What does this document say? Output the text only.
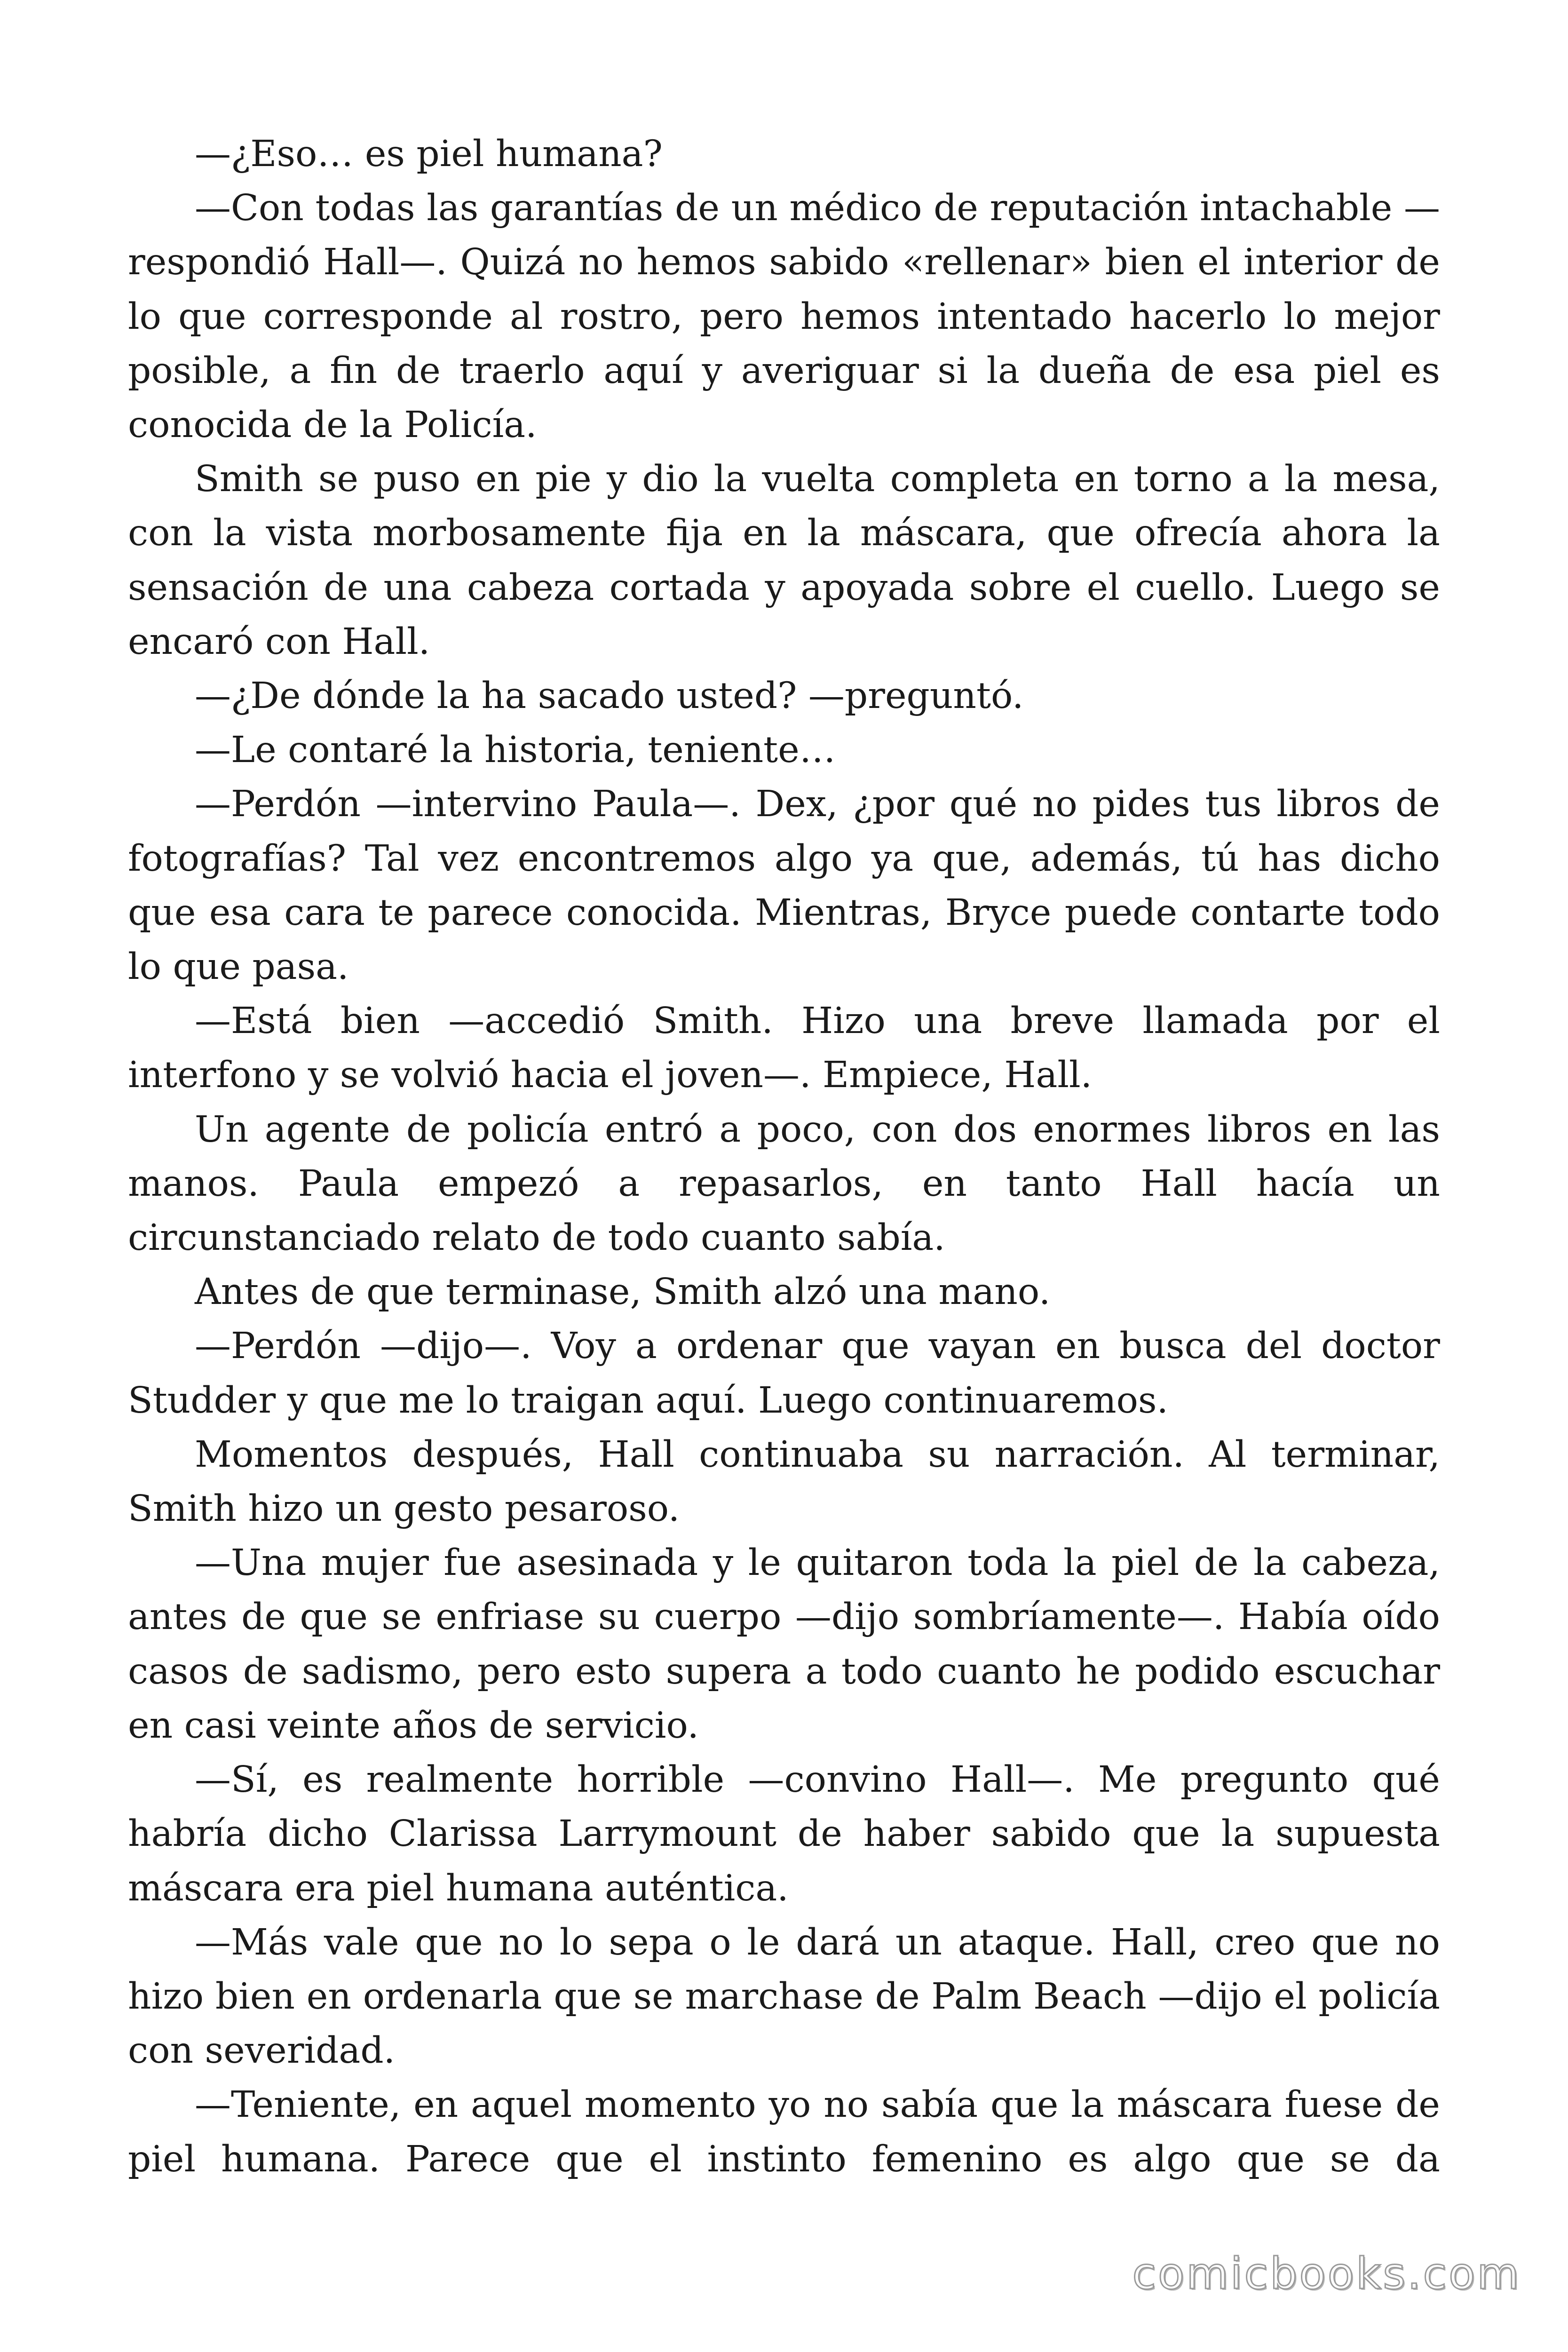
—¿Eso… es piel humana?

—Con todas las garantías de un médico de reputación intachable —respondió Hall—. Quizá no hemos sabido «rellenar» bien el interior de lo que corresponde al rostro, pero hemos intentado hacerlo lo mejor posible, a fin de traerlo aquí y averiguar si la dueña de esa piel es conocida de la Policía.

Smith se puso en pie y dio la vuelta completa en torno a la mesa, con la vista morbosamente fija en la máscara, que ofrecía ahora la sensación de una cabeza cortada y apoyada sobre el cuello. Luego se encaró con Hall.

—¿De dónde la ha sacado usted? —preguntó.

—Le contaré la historia, teniente…

—Perdón —intervino Paula—. Dex, ¿por qué no pides tus libros de fotografías? Tal vez encontremos algo ya que, además, tú has dicho que esa cara te parece conocida. Mientras, Bryce puede contarte todo lo que pasa.

—Está bien —accedió Smith. Hizo una breve llamada por el interfono y se volvió hacia el joven—. Empiece, Hall.

Un agente de policía entró a poco, con dos enormes libros en las manos. Paula empezó a repasarlos, en tanto Hall hacía un circunstanciado relato de todo cuanto sabía.

Antes de que terminase, Smith alzó una mano.

—Perdón —dijo—. Voy a ordenar que vayan en busca del doctor Studder y que me lo traigan aquí. Luego continuaremos.

Momentos después, Hall continuaba su narración. Al terminar, Smith hizo un gesto pesaroso.

—Una mujer fue asesinada y le quitaron toda la piel de la cabeza, antes de que se enfriase su cuerpo —dijo sombríamente—. Había oído casos de sadismo, pero esto supera a todo cuanto he podido escuchar en casi veinte años de servicio.

—Sí, es realmente horrible —convino Hall—. Me pregunto qué habría dicho Clarissa Larrymount de haber sabido que la supuesta máscara era piel humana auténtica.

—Más vale que no lo sepa o le dará un ataque. Hall, creo que no hizo bien en ordenarla que se marchase de Palm Beach —dijo el policía con severidad.

—Teniente, en aquel momento yo no sabía que la máscara fuese de piel humana. Parece que el instinto femenino es algo que se da

comicbooks.com
